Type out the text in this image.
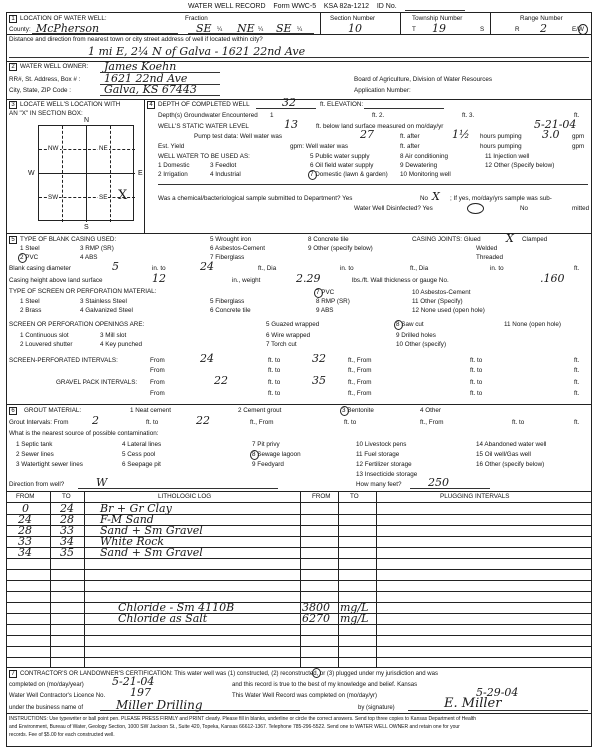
WATER WELL RECORD Form WWC-5 KSA 82a-1212 ID No.
1 LOCATION OF WATER WELL:	Fraction	Section Number	Township Number	Range Number
County: McPherson	SE ¼ NE ¼ SE ¼	10	T 19	S	R 2	E/W
Distance and direction from nearest town or city street address of well if located within city?
1 mi E, 2¼ N of Galva - 1621 22nd Ave
2 WATER WELL OWNER: James Koehn
RR#, St. Address, Box # : 1621 22nd Ave	Board of Agriculture, Division of Water Resources
City, State, ZIP Code :	Galva, KS 67443	Application Number:
3 LOCATE WELL'S LOCATION WITH
AN "X" IN SECTION BOX:
N
S
W	E
NW	NE
SW	SE X
4 DEPTH OF COMPLETED WELL	32	ft. ELEVATION:
Depth(s) Groundwater Encountered 1	ft. 2.	ft. 3.	ft.
WELL'S STATIC WATER LEVEL	13	ft. below land surface measured on mo/day/yr	5-21-04
Pump test data: Well water was	27	ft. after	1½ hours pumping 3.0 gpm
Est. Yield	gpm: Well water was	ft. after	hours pumping	gpm
WELL WATER TO BE USED AS:
1 Domestic	3 Feedlot
5 Public water supply	8 Air conditioning	11 Injection well
2 Irrigation	4 Industrial
6 Oil field water supply	9 Dewatering	12 Other (Specify below)
7 Domestic (lawn & garden) 10 Monitoring well
Was a chemical/bacteriological sample submitted to Department? Yes	No X ; If yes, mo/day/yrs sample was sub-
mitted
Water Well Disinfected? Yes	No
5 TYPE OF BLANK CASING USED:
1 Steel	3 RMP (SR)
5 Wrought iron	8 Concrete tile
2 PVC	4 ABS
6 Asbestos-Cement	9 Other (specify below)
7 Fiberglass
CASING JOINTS: Glued X Clamped
Welded
Threaded
Blank casing diameter	5	in. to	24	ft., Dia	in. to	ft., Dia	in. to	ft.
Casing height above land surface	12	in., weight	2.29	lbs./ft. Wall thickness or gauge No.	.160
TYPE OF SCREEN OR PERFORATION MATERIAL:
1 Steel	3 Stainless Steel	5 Fiberglass
7 PVC	10 Asbestos-Cement
2 Brass	4 Galvanized Steel	6 Concrete tile
8 RMP (SR)	11 Other (Specify)
9 ABS	12 None used (open hole)
SCREEN OR PERFORATION OPENINGS ARE:	5 Guazed wrapped	8 Saw cut	11 None (open hole)
1 Continuous slot	3 Mill slot	6 Wire wrapped	9 Drilled holes
2 Louvered shutter	4 Key punched	7 Torch cut	10 Other (specify)
SCREEN-PERFORATED INTERVALS:	From	24	ft. to	32	ft., From	ft. to	ft.
From	ft. to	ft., From	ft. to	ft.
GRAVEL PACK INTERVALS: From	22	ft. to	35	ft., From	ft. to	ft.
From	ft. to	ft., From	ft. to	ft.
6	GROUT MATERIAL:	1 Neat cement	2 Cement grout	3 Bentonite	4 Other
Grout Intervals: From 2	ft. to	22	ft., From	ft. to	ft., From	ft. to	ft.
What is the nearest source of possible contamination:
1 Septic tank	4 Lateral lines	7 Pit privy	10 Livestock pens	14 Abandoned water well
2 Sewer lines	5 Cess pool	8 Sewage lagoon	11 Fuel storage	15 Oil well/Gas well
3 Watertight sewer lines	6 Seepage pit	9 Feedyard	12 Fertilizer storage	16 Other (specify below)
13 Insecticide storage
Direction from well?	W	How many feet? 250
FROM	TO	LITHOLOGIC LOG	FROM	TO	PLUGGING INTERVALS
0	24 Br + Gr Clay
24	28 F-M Sand
28	33 Sand + Sm Gravel
33	34 White Rock
34	35 Sand + Sm Gravel
Chloride - Sm 4110B	3800 mg/L
Chloride as Salt	6270 mg/L
7 CONTRACTOR'S OR LANDOWNER'S CERTIFICATION: This water well was (1) constructed, (2) reconstructed, or (3) plugged under my jurisdiction and was
completed on (mo/day/year)	5-21-04	and this record is true to the best of my knowledge and belief. Kansas
Water Well Contractor's Licence No. 197	This Water Well Record was completed on (mo/day/yr)	5-29-04
under the business name of	Miller Drilling	by (signature)	E. Miller
INSTRUCTIONS: Use typewriter or ball point pen. PLEASE PRESS FIRMLY and PRINT clearly. Please fill in blanks, underline or circle the correct answers. Send top three copies to Kansas Department of Health
and Environment, Bureau of Water, Geology Section, 1000 SW Jackson St., Suite 420, Topeka, Kansas 66612-1367. Telephone 785-296-5522. Send one to WATER WELL OWNER and retain one for your
records. Fee of $5.00 for each constructed well.
